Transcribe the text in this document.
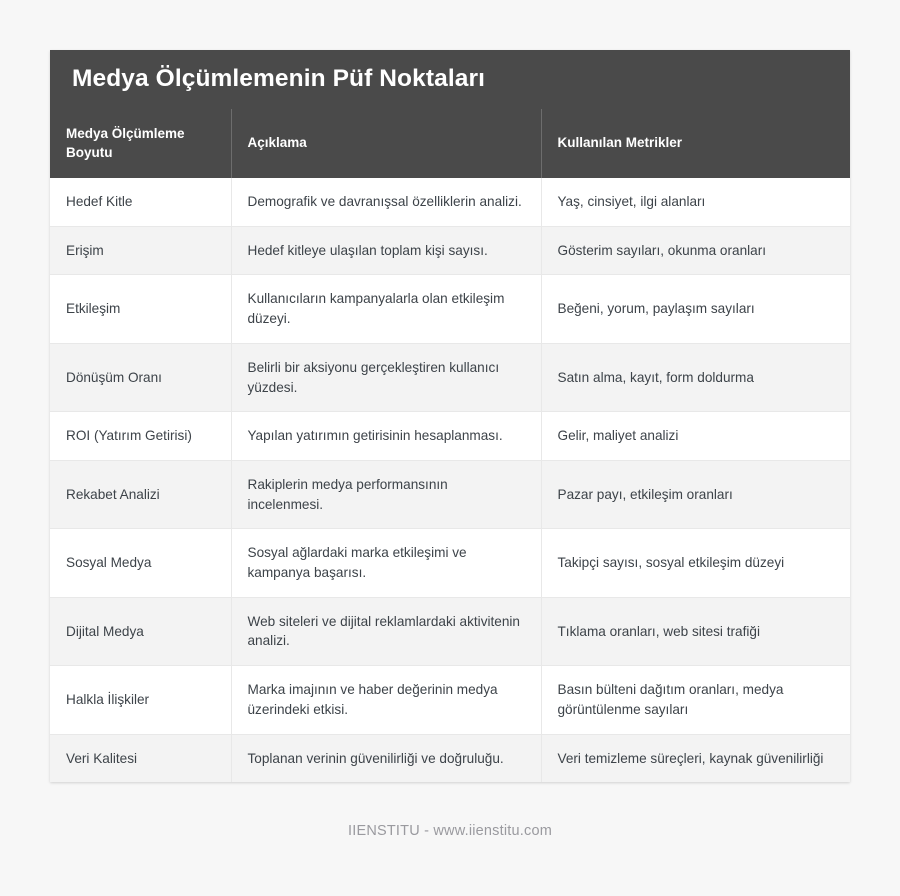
Medya Ölçümlemenin Püf Noktaları
Medya Ölçümleme Boyutu	Açıklama	Kullanılan Metrikler
Hedef Kitle	Demografik ve davranışsal özelliklerin analizi.	Yaş, cinsiyet, ilgi alanları
Erişim	Hedef kitleye ulaşılan toplam kişi sayısı.	Gösterim sayıları, okunma oranları
Etkileşim	Kullanıcıların kampanyalarla olan etkileşim düzeyi.	Beğeni, yorum, paylaşım sayıları
Dönüşüm Oranı	Belirli bir aksiyonu gerçekleştiren kullanıcı yüzdesi.	Satın alma, kayıt, form doldurma
ROI (Yatırım Getirisi)	Yapılan yatırımın getirisinin hesaplanması.	Gelir, maliyet analizi
Rekabet Analizi	Rakiplerin medya performansının incelenmesi.	Pazar payı, etkileşim oranları
Sosyal Medya	Sosyal ağlardaki marka etkileşimi ve kampanya başarısı.	Takipçi sayısı, sosyal etkileşim düzeyi
Dijital Medya	Web siteleri ve dijital reklamlardaki aktivitenin analizi.	Tıklama oranları, web sitesi trafiği
Halkla İlişkiler	Marka imajının ve haber değerinin medya üzerindeki etkisi.	Basın bülteni dağıtım oranları, medya görüntülenme sayıları
Veri Kalitesi	Toplanan verinin güvenilirliği ve doğruluğu.	Veri temizleme süreçleri, kaynak güvenilirliği
IIENSTITU - www.iienstitu.com
